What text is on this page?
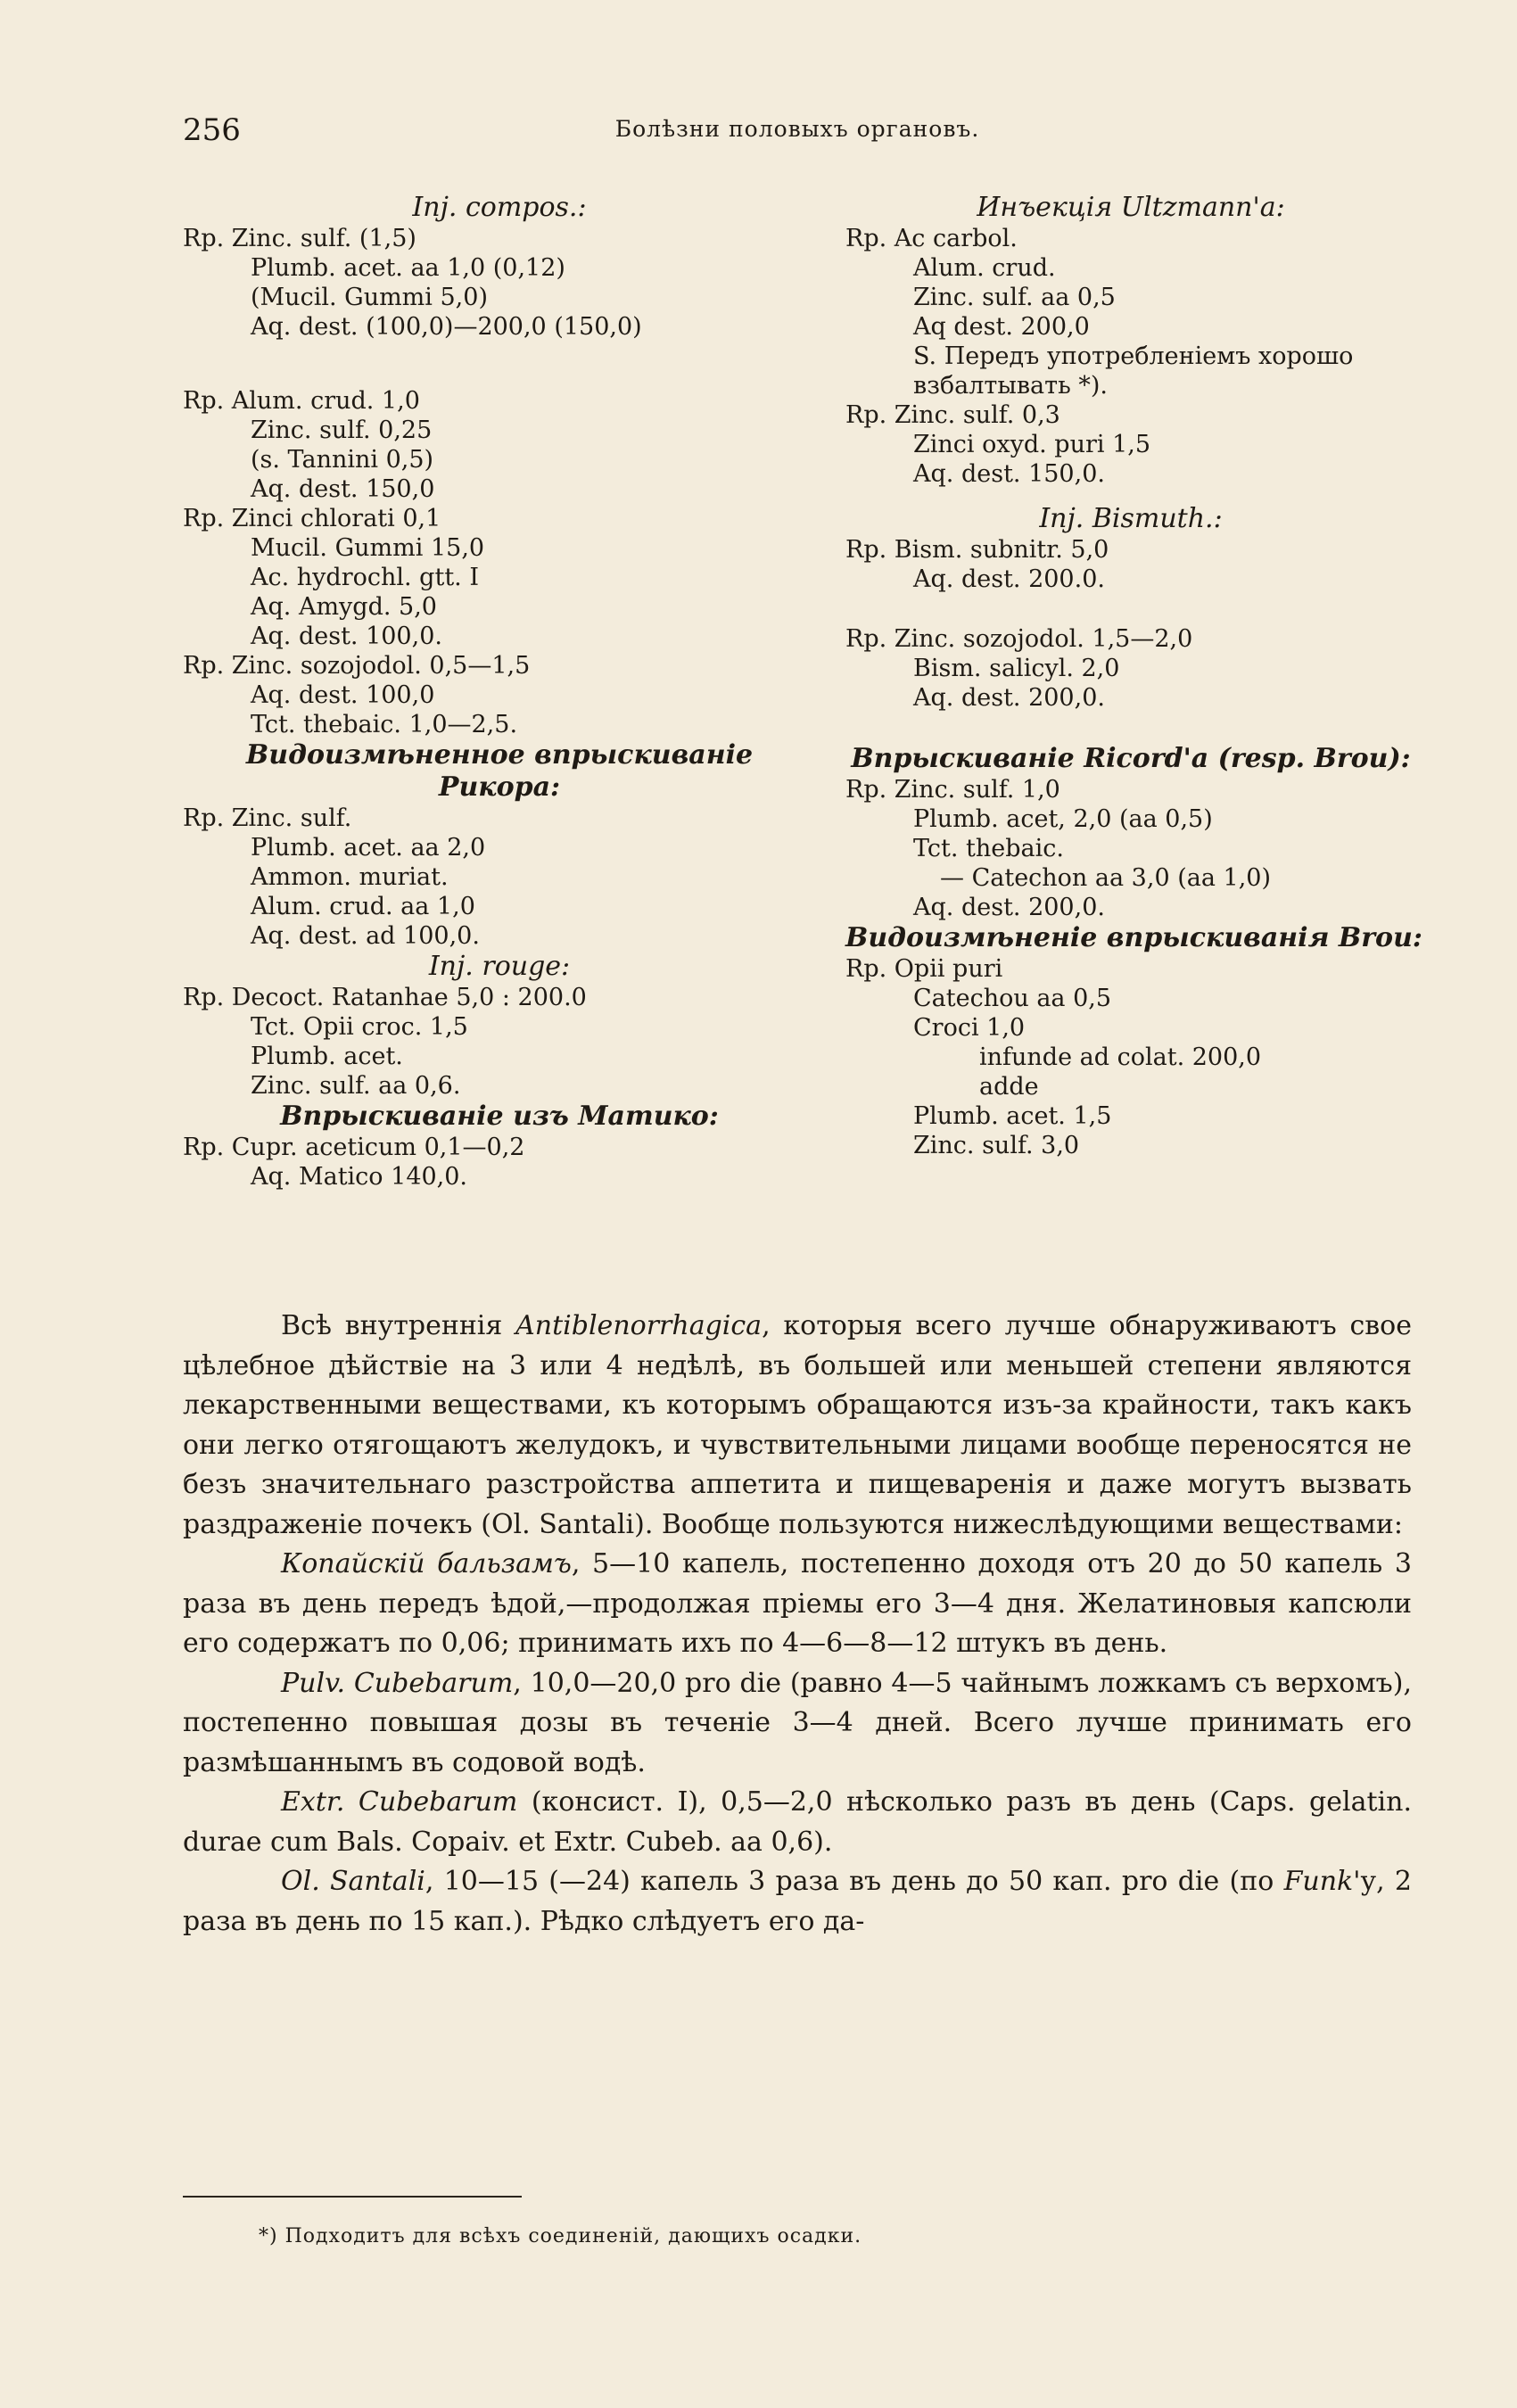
256	Болѣзни половыхъ органовъ.
Inj. compos.:
Rp. Zinc. sulf. (1,5)
Plumb. acet. aa 1,0 (0,12)
(Mucil. Gummi 5,0)
Aq. dest. (100,0)—200,0 (150,0)
Rp. Alum. crud. 1,0
Zinc. sulf. 0,25
(s. Tannini 0,5)
Aq. dest. 150,0
Rp. Zinci chlorati 0,1
Mucil. Gummi 15,0
Ac. hydrochl. gtt. I
Aq. Amygd. 5,0
Aq. dest. 100,0.
Rp. Zinc. sozojodol. 0,5—1,5
Aq. dest. 100,0
Tct. thebaic. 1,0—2,5.
Видоизмѣненное впрыскиваніе
Рикора:
Rp. Zinc. sulf.
Plumb. acet. aa 2,0
Ammon. muriat.
Alum. crud. aa 1,0
Aq. dest. ad 100,0.
Inj. rouge:
Rp. Decoct. Ratanhae 5,0 : 200.0
Tct. Opii croc. 1,5
Plumb. acet.
Zinc. sulf. aa 0,6.
Впрыскиваніе изъ Матико:
Rp. Cupr. aceticum 0,1—0,2
Aq. Matico 140,0.
Инъекція Ultzmann'a:
Rp. Ac carbol.
Alum. crud.
Zinc. sulf. aa 0,5
Aq dest. 200,0
S. Передъ употребленіемъ хорошо взбалтывать *).
Rp. Zinc. sulf. 0,3
Zinci oxyd. puri 1,5
Aq. dest. 150,0.
Inj. Bismuth.:
Rp. Bism. subnitr. 5,0
Aq. dest. 200.0.
Rp. Zinc. sozojodol. 1,5—2,0
Bism. salicyl. 2,0
Aq. dest. 200,0.
Впрыскиваніе Ricord'a (resp. Brou):
Rp. Zinc. sulf. 1,0
Plumb. acet, 2,0 (aa 0,5)
Tct. thebaic.
— Catechon aa 3,0 (aa 1,0)
Aq. dest. 200,0.
Видоизмѣненіе впрыскиванія Brou:
Rp. Opii puri
Catechou aa 0,5
Croci 1,0
infunde ad colat. 200,0
adde
Plumb. acet. 1,5
Zinc. sulf. 3,0

Всѣ внутреннія Antiblenorrhagica, которыя всего лучше обнаруживаютъ свое цѣлебное дѣйствіе на 3 или 4 недѣлѣ, въ большей или меньшей степени являются лекарственными веществами, къ которымъ обращаются изъ-за крайности, такъ какъ они легко отягощаютъ желудокъ, и чувствительными лицами вообще переносятся не безъ значительнаго разстройства аппетита и пищеваренія и даже могутъ вызвать раздраженіе почекъ (Ol. Santali). Вообще пользуются нижеслѣдующими веществами:

Копайскій бальзамъ, 5—10 капель, постепенно доходя отъ 20 до 50 капель 3 раза въ день передъ ѣдой,—продолжая пріемы его 3—4 дня. Желатиновыя капсюли его содержатъ по 0,06; принимать ихъ по 4—6—8—12 штукъ въ день.

Pulv. Cubebarum, 10,0—20,0 pro die (равно 4—5 чайнымъ ложкамъ съ верхомъ), постепенно повышая дозы въ теченіе 3—4 дней. Всего лучше принимать его размѣшаннымъ въ содовой водѣ.

Extr. Cubebarum (консист. I), 0,5—2,0 нѣсколько разъ въ день (Caps. gelatin. durae cum Bals. Copaiv. et Extr. Cubeb. aa 0,6).

Ol. Santali, 10—15 (—24) капель 3 раза въ день до 50 кап. pro die (по Funk'у, 2 раза въ день по 15 кап.). Рѣдко слѣдуетъ его да-

*) Подходитъ для всѣхъ соединеній, дающихъ осадки.
